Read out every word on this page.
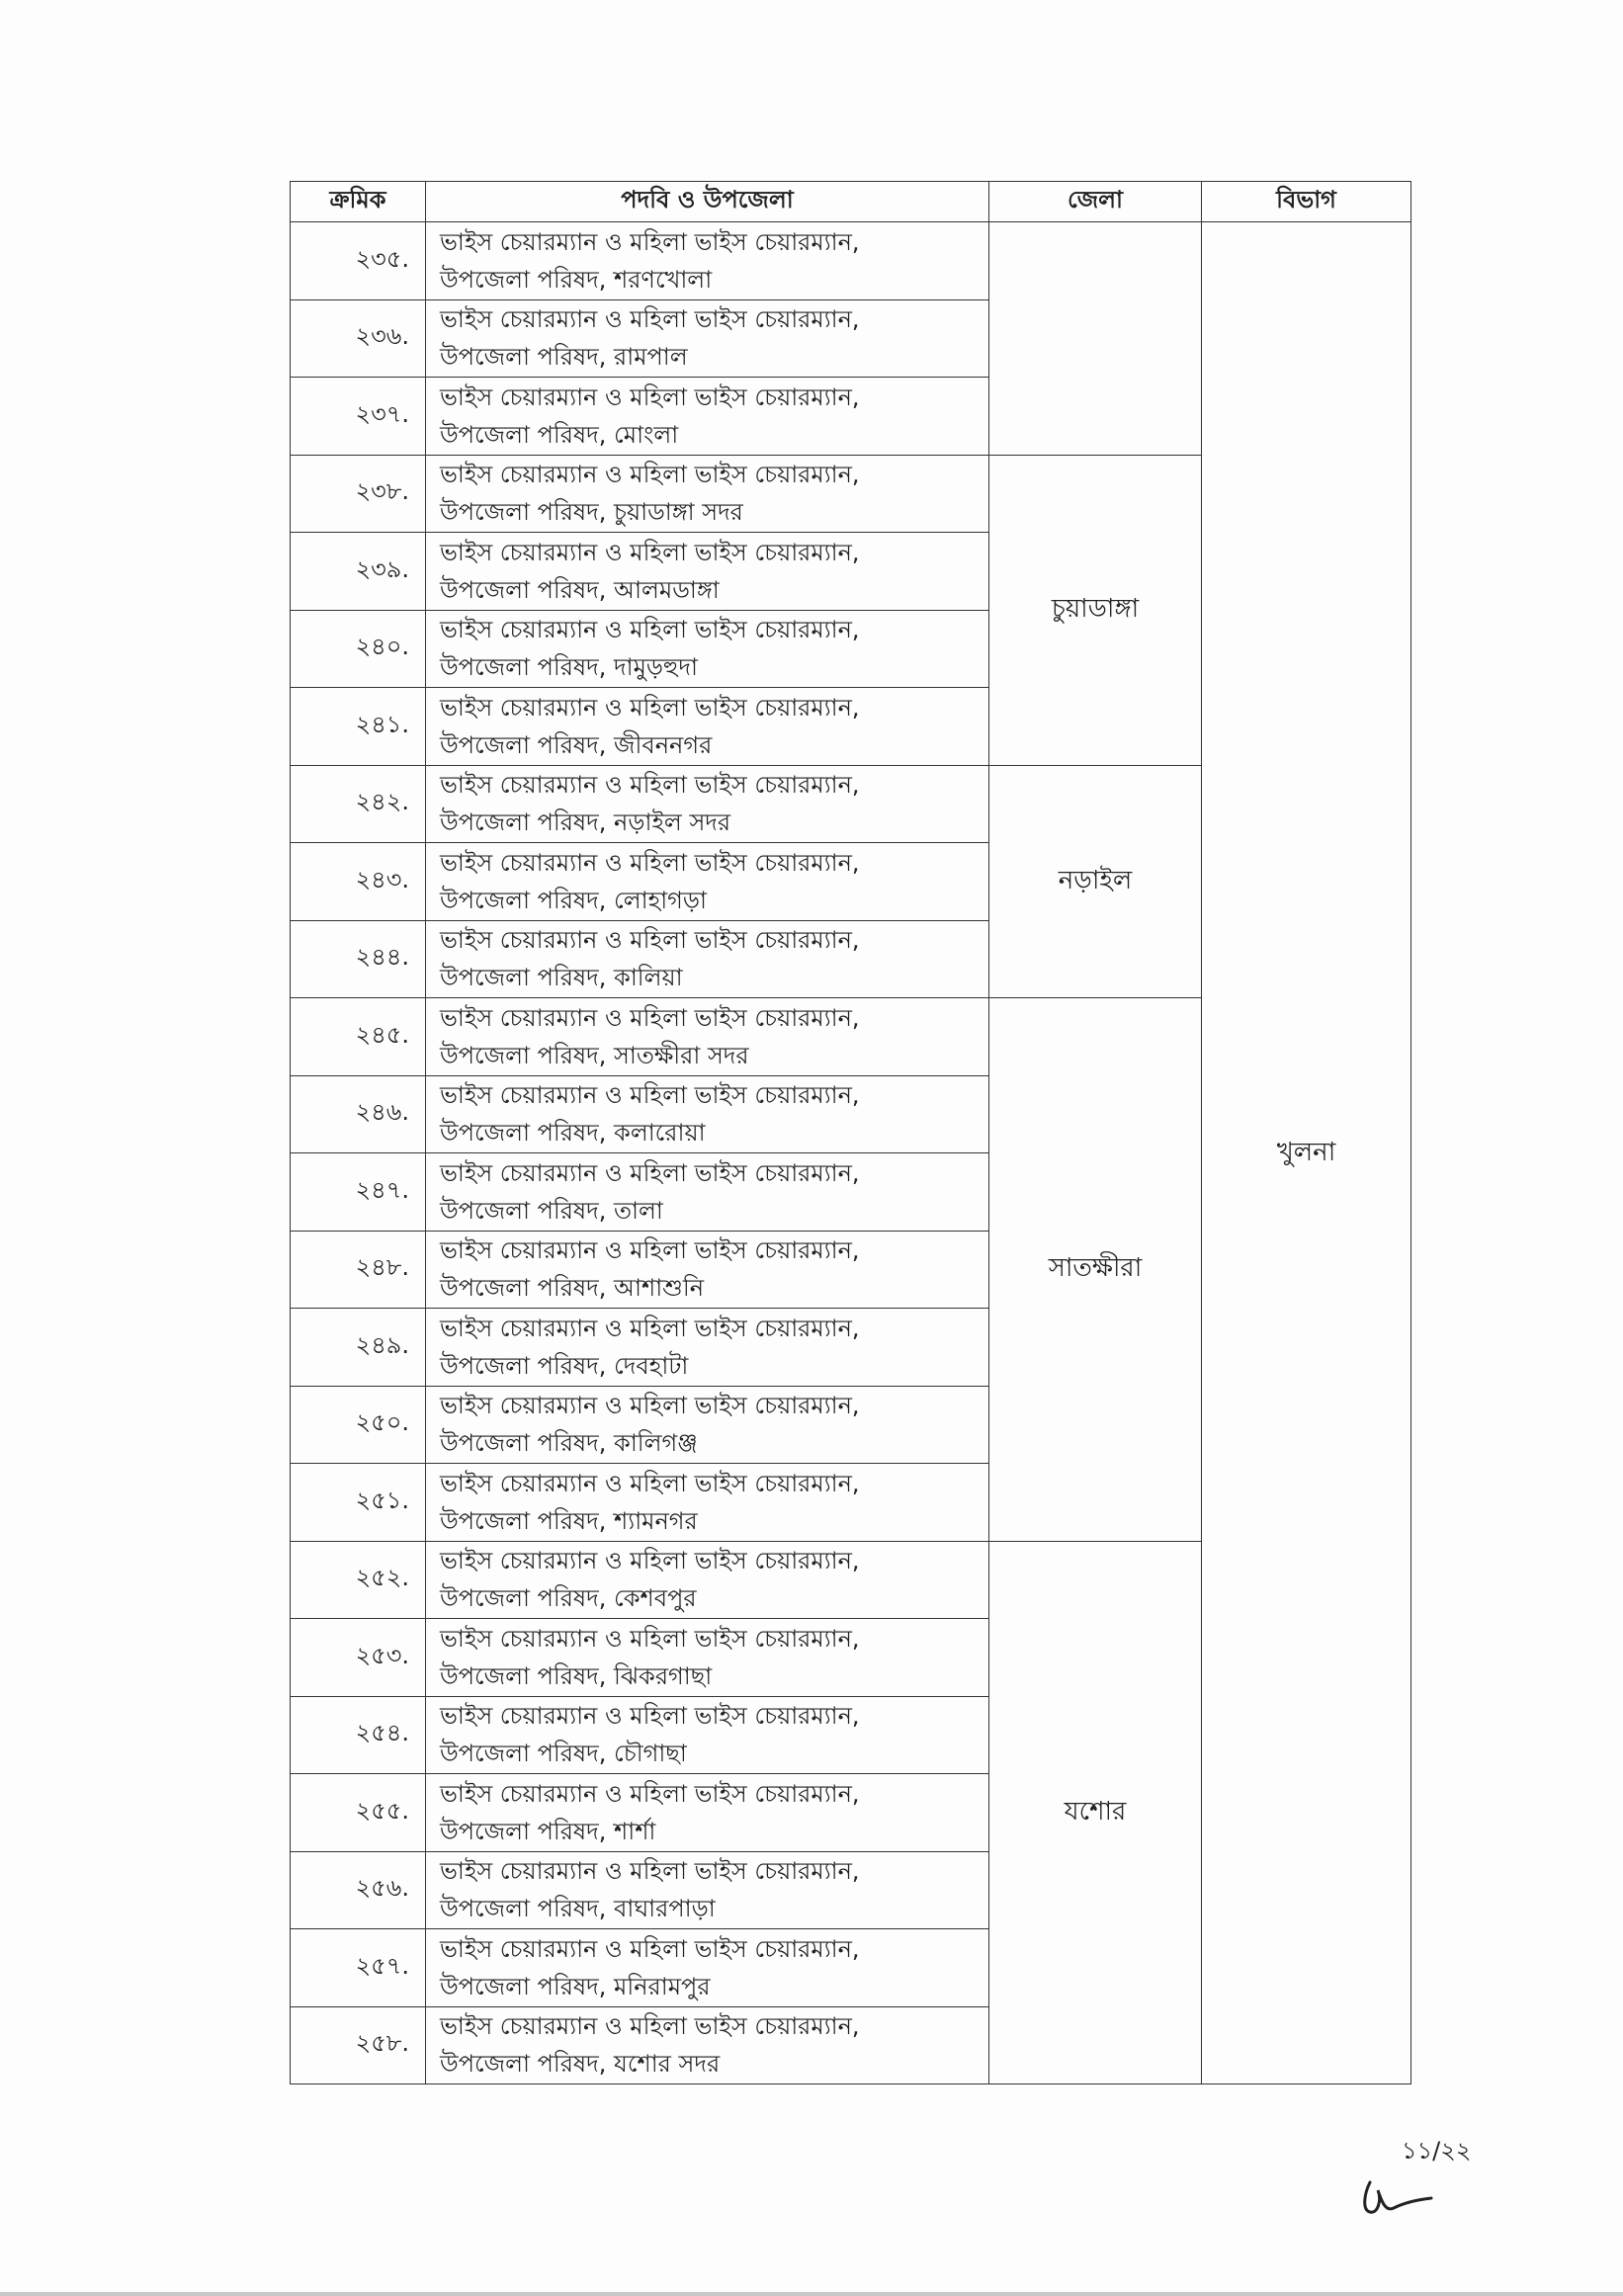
ক্রমিক	পদবি ও উপজেলা	জেলা	বিভাগ
২৩৫.	ভাইস চেয়ারম্যান ও মহিলা ভাইস চেয়ারম্যান,
উপজেলা পরিষদ, শরণখোলা		খুলনা
২৩৬.	ভাইস চেয়ারম্যান ও মহিলা ভাইস চেয়ারম্যান,
উপজেলা পরিষদ, রামপাল		

২৩৭.	ভাইস চেয়ারম্যান ও মহিলা ভাইস চেয়ারম্যান,
উপজেলা পরিষদ, মোংলা		

২৩৮.	ভাইস চেয়ারম্যান ও মহিলা ভাইস চেয়ারম্যান,
উপজেলা পরিষদ, চুয়াডাঙ্গা সদর	চুয়াডাঙ্গা	
২৩৯.	ভাইস চেয়ারম্যান ও মহিলা ভাইস চেয়ারম্যান,
উপজেলা পরিষদ, আলমডাঙ্গা		

২৪০.	ভাইস চেয়ারম্যান ও মহিলা ভাইস চেয়ারম্যান,
উপজেলা পরিষদ, দামুড়হুদা		

২৪১.	ভাইস চেয়ারম্যান ও মহিলা ভাইস চেয়ারম্যান,
উপজেলা পরিষদ, জীবননগর		

২৪২.	ভাইস চেয়ারম্যান ও মহিলা ভাইস চেয়ারম্যান,
উপজেলা পরিষদ, নড়াইল সদর	নড়াইল	
২৪৩.	ভাইস চেয়ারম্যান ও মহিলা ভাইস চেয়ারম্যান,
উপজেলা পরিষদ, লোহাগড়া		

২৪৪.	ভাইস চেয়ারম্যান ও মহিলা ভাইস চেয়ারম্যান,
উপজেলা পরিষদ, কালিয়া		

২৪৫.	ভাইস চেয়ারম্যান ও মহিলা ভাইস চেয়ারম্যান,
উপজেলা পরিষদ, সাতক্ষীরা সদর	সাতক্ষীরা	
২৪৬.	ভাইস চেয়ারম্যান ও মহিলা ভাইস চেয়ারম্যান,
উপজেলা পরিষদ, কলারোয়া		

২৪৭.	ভাইস চেয়ারম্যান ও মহিলা ভাইস চেয়ারম্যান,
উপজেলা পরিষদ, তালা		

২৪৮.	ভাইস চেয়ারম্যান ও মহিলা ভাইস চেয়ারম্যান,
উপজেলা পরিষদ, আশাশুনি		

২৪৯.	ভাইস চেয়ারম্যান ও মহিলা ভাইস চেয়ারম্যান,
উপজেলা পরিষদ, দেবহাটা		

২৫০.	ভাইস চেয়ারম্যান ও মহিলা ভাইস চেয়ারম্যান,
উপজেলা পরিষদ, কালিগঞ্জ		

২৫১.	ভাইস চেয়ারম্যান ও মহিলা ভাইস চেয়ারম্যান,
উপজেলা পরিষদ, শ্যামনগর		

২৫২.	ভাইস চেয়ারম্যান ও মহিলা ভাইস চেয়ারম্যান,
উপজেলা পরিষদ, কেশবপুর	যশোর	
২৫৩.	ভাইস চেয়ারম্যান ও মহিলা ভাইস চেয়ারম্যান,
উপজেলা পরিষদ, ঝিকরগাছা		

২৫৪.	ভাইস চেয়ারম্যান ও মহিলা ভাইস চেয়ারম্যান,
উপজেলা পরিষদ, চৌগাছা		

২৫৫.	ভাইস চেয়ারম্যান ও মহিলা ভাইস চেয়ারম্যান,
উপজেলা পরিষদ, শার্শা		

২৫৬.	ভাইস চেয়ারম্যান ও মহিলা ভাইস চেয়ারম্যান,
উপজেলা পরিষদ, বাঘারপাড়া		

২৫৭.	ভাইস চেয়ারম্যান ও মহিলা ভাইস চেয়ারম্যান,
উপজেলা পরিষদ, মনিরামপুর		

২৫৮.	ভাইস চেয়ারম্যান ও মহিলা ভাইস চেয়ারম্যান,
উপজেলা পরিষদ, যশোর সদর		
১১/২২
